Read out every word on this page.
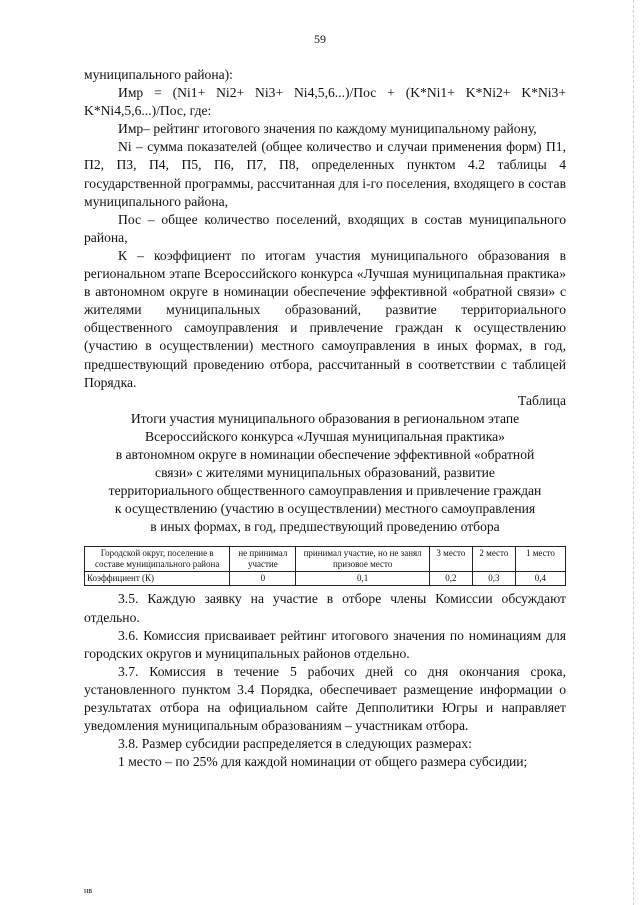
59

муниципального района):

Имр = (Ni1+ Ni2+ Ni3+ Ni4,5,6...)/Пос + (K*Ni1+ K*Ni2+ K*Ni3+ K*Ni4,5,6...)/Пос, где:

Имр– рейтинг итогового значения по каждому муниципальному району,

Ni – сумма показателей (общее количество и случаи применения форм) П1, П2, П3, П4, П5, П6, П7, П8, определенных пунктом 4.2 таблицы 4 государственной программы, рассчитанная для i-го поселения, входящего в состав муниципального района,

Пос – общее количество поселений, входящих в состав муниципального района,

К – коэффициент по итогам участия муниципального образования в региональном этапе Всероссийского конкурса «Лучшая муниципальная практика» в автономном округе в номинации обеспечение эффективной «обратной связи» с жителями муниципальных образований, развитие территориального общественного самоуправления и привлечение граждан к осуществлению (участию в осуществлении) местного самоуправления в иных формах, в год, предшествующий проведению отбора, рассчитанный в соответствии с таблицей Порядка.

Таблица

Итоги участия муниципального образования в региональном этапе
Всероссийского конкурса «Лучшая муниципальная практика»
в автономном округе в номинации обеспечение эффективной «обратной
связи» с жителями муниципальных образований, развитие
территориального общественного самоуправления и привлечение граждан
к осуществлению (участию в осуществлении) местного самоуправления
в иных формах, в год, предшествующий проведению отбора
Городской округ, поселение в составе муниципального района	не принимал участие	принимал участие, но не занял призовое место	3 место	2 место	1 место
Коэффициент (К)	0	0,1	0,2	0,3	0,4

3.5. Каждую заявку на участие в отборе члены Комиссии обсуждают отдельно.

3.6. Комиссия присваивает рейтинг итогового значения по номинациям для городских округов и муниципальных районов отдельно.

3.7. Комиссия в течение 5 рабочих дней со дня окончания срока, установленного пунктом 3.4 Порядка, обеспечивает размещение информации о результатах отбора на официальном сайте Депполитики Югры и направляет уведомления муниципальным образованиям – участникам отбора.

3.8. Размер субсидии распределяется в следующих размерах:

1 место – по 25% для каждой номинации от общего размера субсидии;

нв
